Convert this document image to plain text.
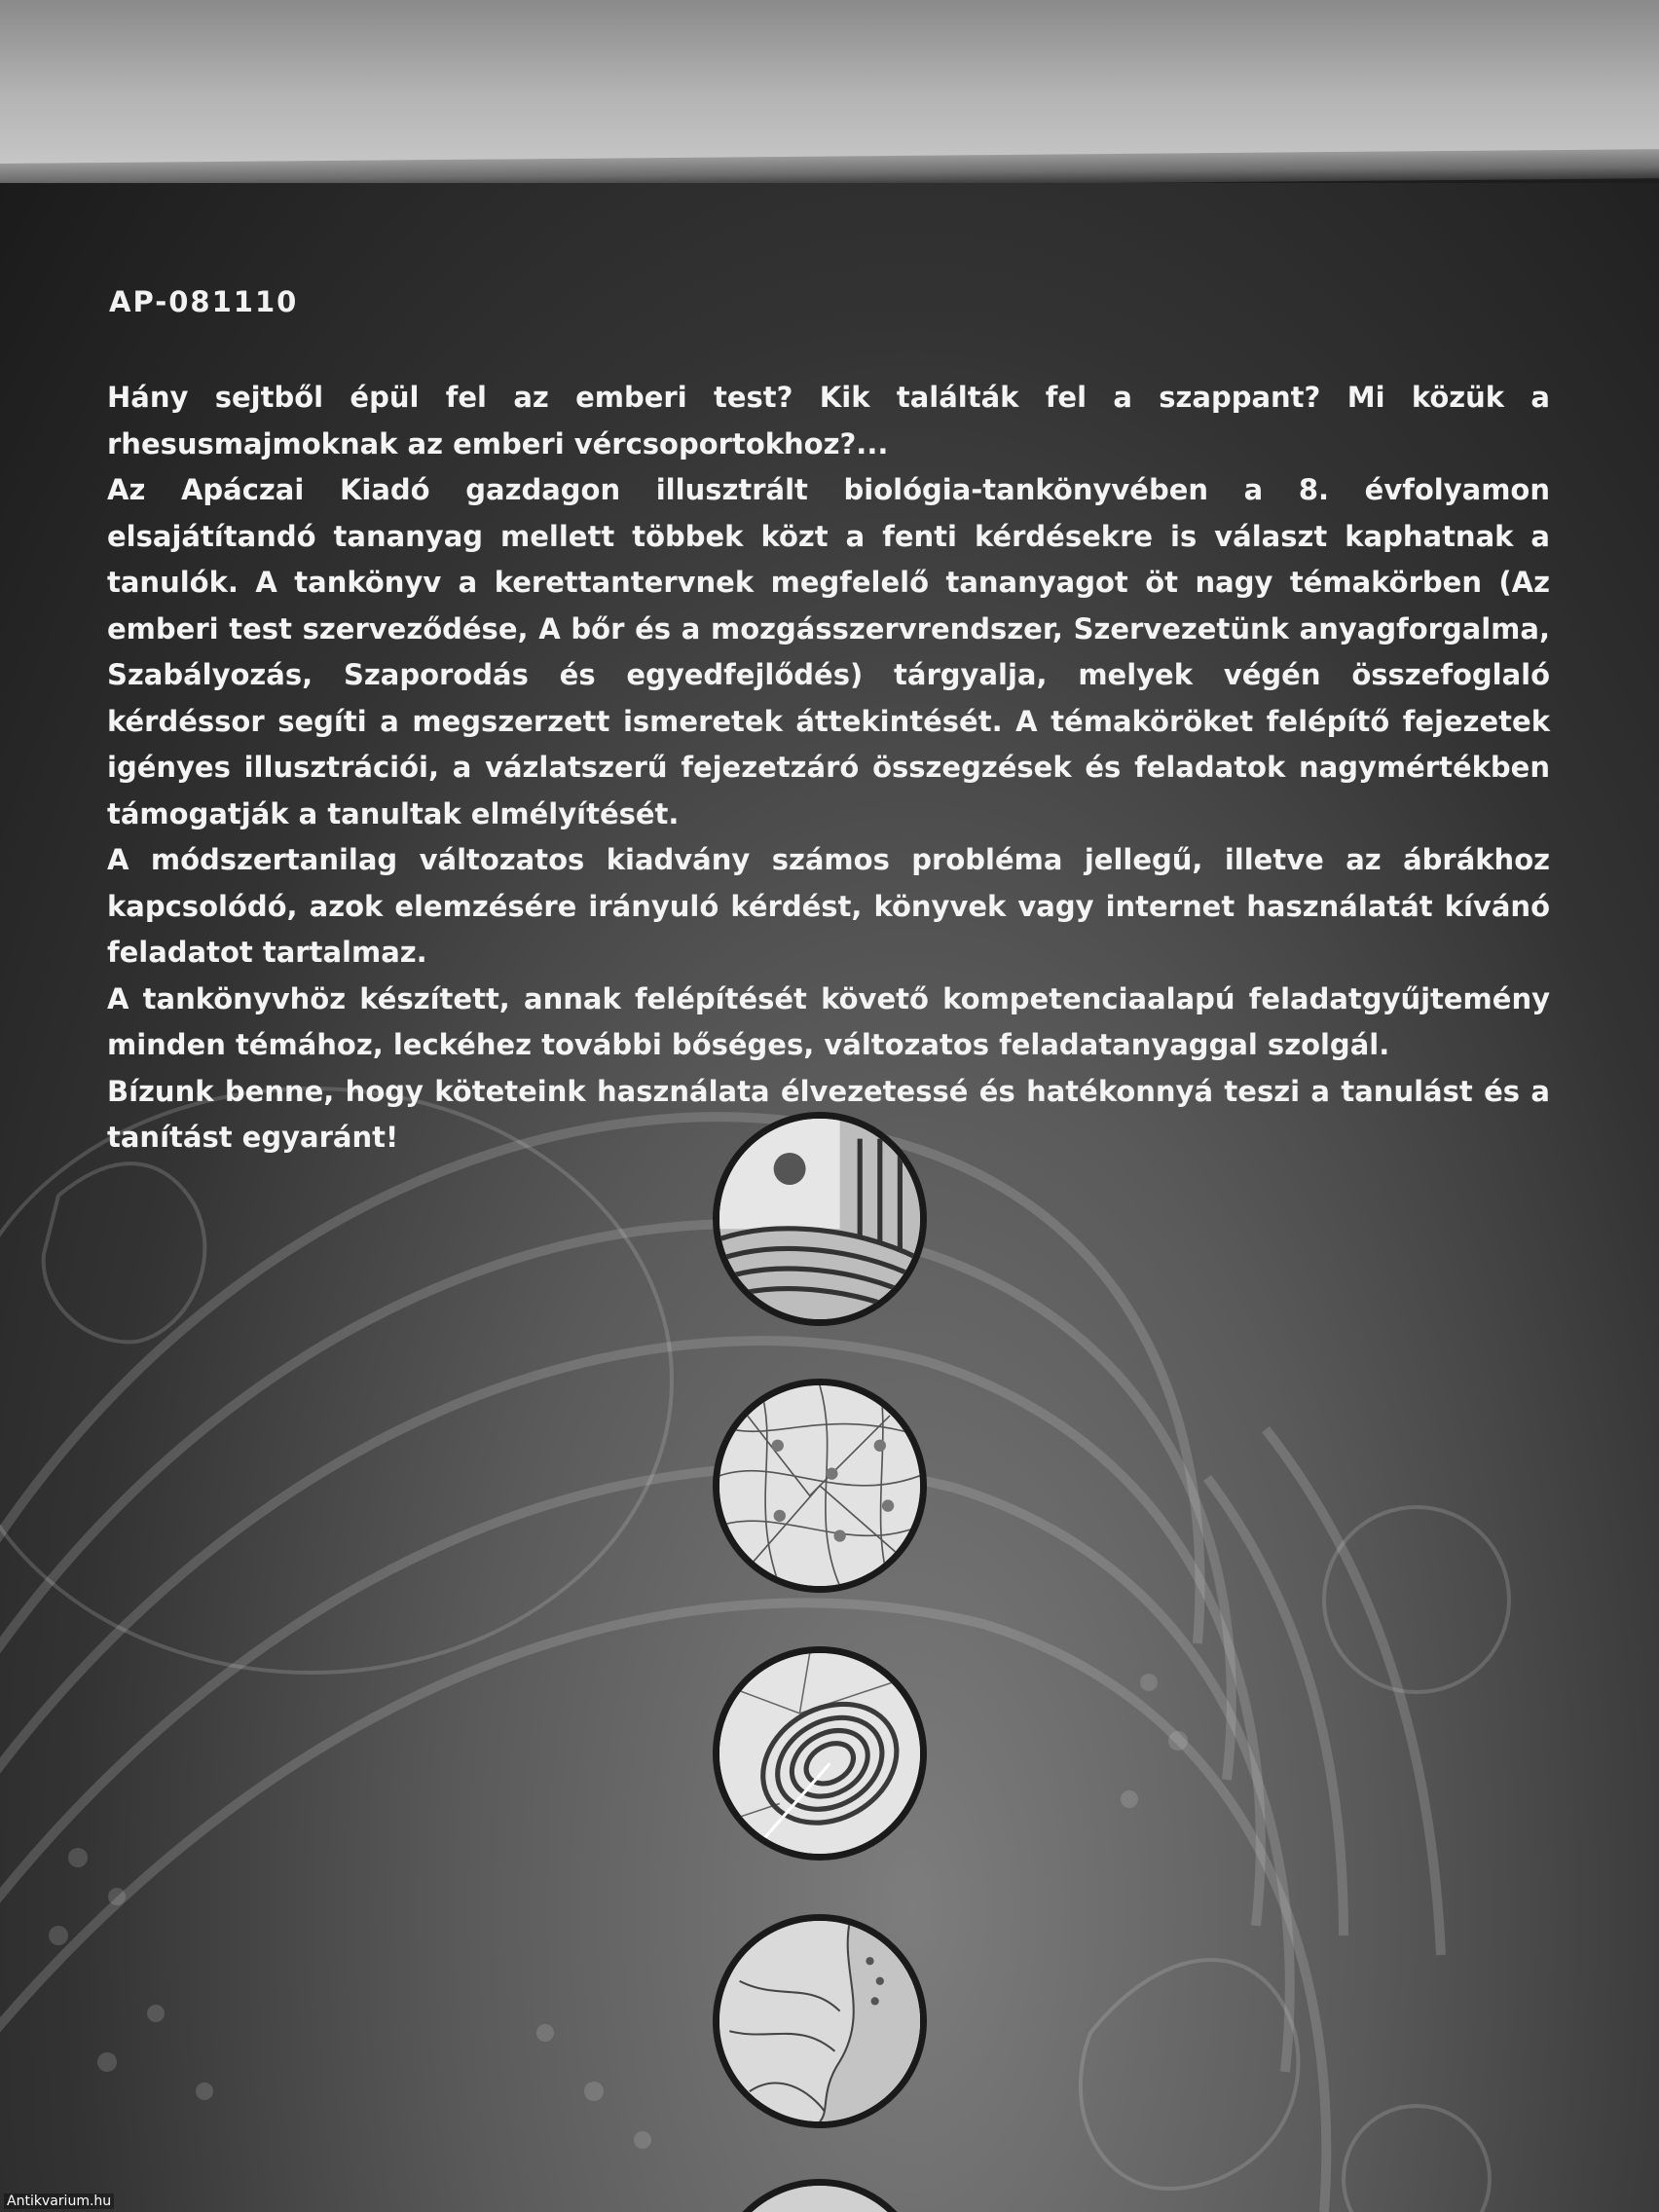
AP-081110

Hány sejtből épül fel az emberi test? Kik találták fel a szappant? Mi közük a rhesusmajmoknak az emberi vércsoportokhoz?...

Az Apáczai Kiadó gazdagon illusztrált biológia-tankönyvében a 8. évfolyamon elsajátítandó tananyag mellett többek közt a fenti kérdésekre is választ kaphatnak a tanulók. A tankönyv a kerettantervnek megfelelő tananyagot öt nagy témakörben (Az emberi test szerveződése, A bőr és a mozgásszervrendszer, Szervezetünk anyagforgalma, Szabályozás, Szaporodás és egyedfejlődés) tárgyalja, melyek végén összefoglaló kérdéssor segíti a megszerzett ismeretek áttekintését. A témaköröket felépítő fejezetek igényes illusztrációi, a vázlatszerű fejezetzáró összegzések és feladatok nagymértékben támogatják a tanultak elmélyítését.

A módszertanilag változatos kiadvány számos probléma jellegű, illetve az ábrákhoz kapcsolódó, azok elemzésére irányuló kérdést, könyvek vagy internet használatát kívánó feladatot tartalmaz.

A tankönyvhöz készített, annak felépítését követő kompetenciaalapú feladatgyűjtemény minden témához, leckéhez további bőséges, változatos feladatanyaggal szolgál.

Bízunk benne, hogy köteteink használata élvezetessé és hatékonnyá teszi a tanulást és a tanítást egyaránt!

Antikvarium.hu
